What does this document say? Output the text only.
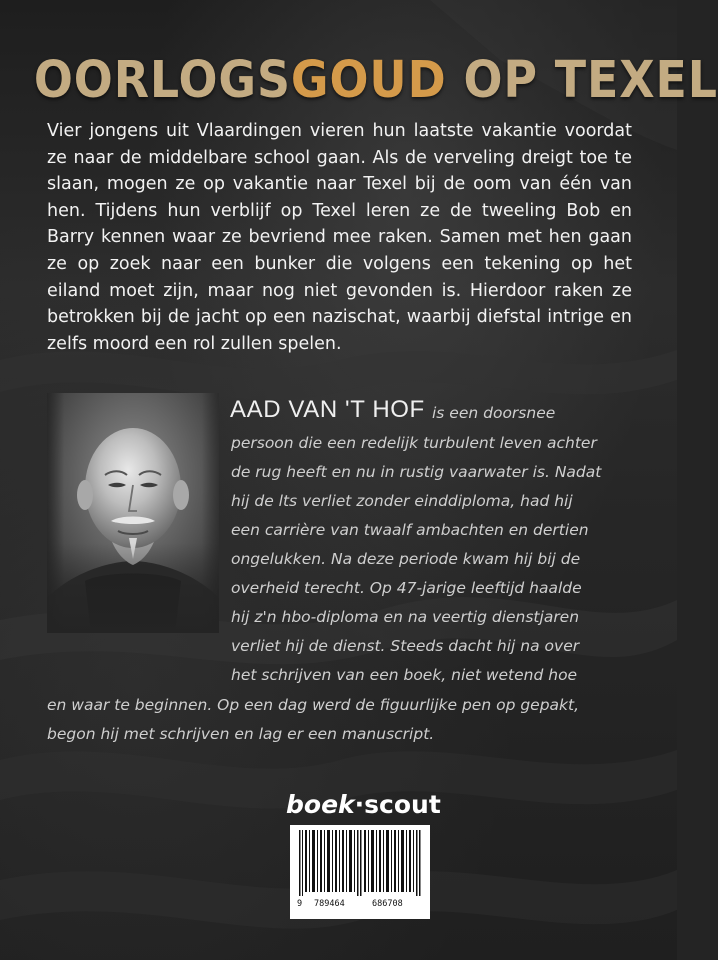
OORLOGSGOUD OP TEXEL

Vier jongens uit Vlaardingen vieren hun laatste vakantie voordat ze naar de middelbare school gaan. Als de verveling dreigt toe te slaan, mogen ze op vakantie naar Texel bij de oom van één van hen. Tijdens hun verblijf op Texel leren ze de tweeling Bob en Barry kennen waar ze bevriend mee raken. Samen met hen gaan ze op zoek naar een bunker die volgens een tekening op het eiland moet zijn, maar nog niet gevonden is. Hierdoor raken ze betrokken bij de jacht op een nazischat, waarbij diefstal intrige en zelfs moord een rol zullen spelen.

AAD VAN 'T HOF is een doorsnee
persoon die een redelijk turbulent leven achter
de rug heeft en nu in rustig vaarwater is. Nadat
hij de lts verliet zonder einddiploma, had hij
een carrière van twaalf ambachten en dertien
ongelukken. Na deze periode kwam hij bij de
overheid terecht. Op 47-jarige leeftijd haalde
hij z'n hbo-diploma en na veertig dienstjaren
verliet hij de dienst. Steeds dacht hij na over
het schrijven van een boek, niet wetend hoe
en waar te beginnen. Op een dag werd de figuurlijke pen op gepakt,
begon hij met schrijven en lag er een manuscript.
boek·scout
9 789464	686708
